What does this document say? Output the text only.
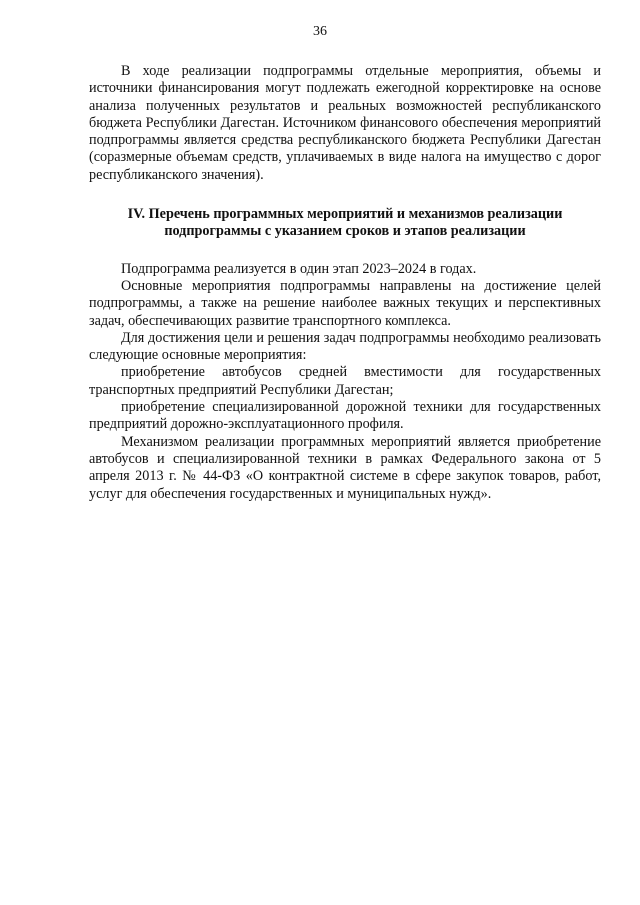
36

В ходе реализации подпрограммы отдельные мероприятия, объемы и источники финансирования могут подлежать ежегодной корректировке на основе анализа полученных результатов и реальных возможностей республиканского бюджета Республики Дагестан. Источником финансового обеспечения мероприятий подпрограммы является средства республиканского бюджета Республики Дагестан (соразмерные объемам средств, уплачиваемых в виде налога на имущество с дорог республиканского значения).

IV. Перечень программных мероприятий и механизмов реализации
подпрограммы с указанием сроков и этапов реализации

Подпрограмма реализуется в один этап 2023–2024 в годах.

Основные мероприятия подпрограммы направлены на достижение целей подпрограммы, а также на решение наиболее важных текущих и перспективных задач, обеспечивающих развитие транспортного комплекса.

Для достижения цели и решения задач подпрограммы необходимо реализовать следующие основные мероприятия:

приобретение автобусов средней вместимости для государственных транспортных предприятий Республики Дагестан;

приобретение специализированной дорожной техники для государственных предприятий дорожно-эксплуатационного профиля.

Механизмом реализации программных мероприятий является приобретение автобусов и специализированной техники в рамках Федерального закона от 5 апреля 2013 г. № 44-ФЗ «О контрактной системе в сфере закупок товаров, работ, услуг для обеспечения государственных и муниципальных нужд».
